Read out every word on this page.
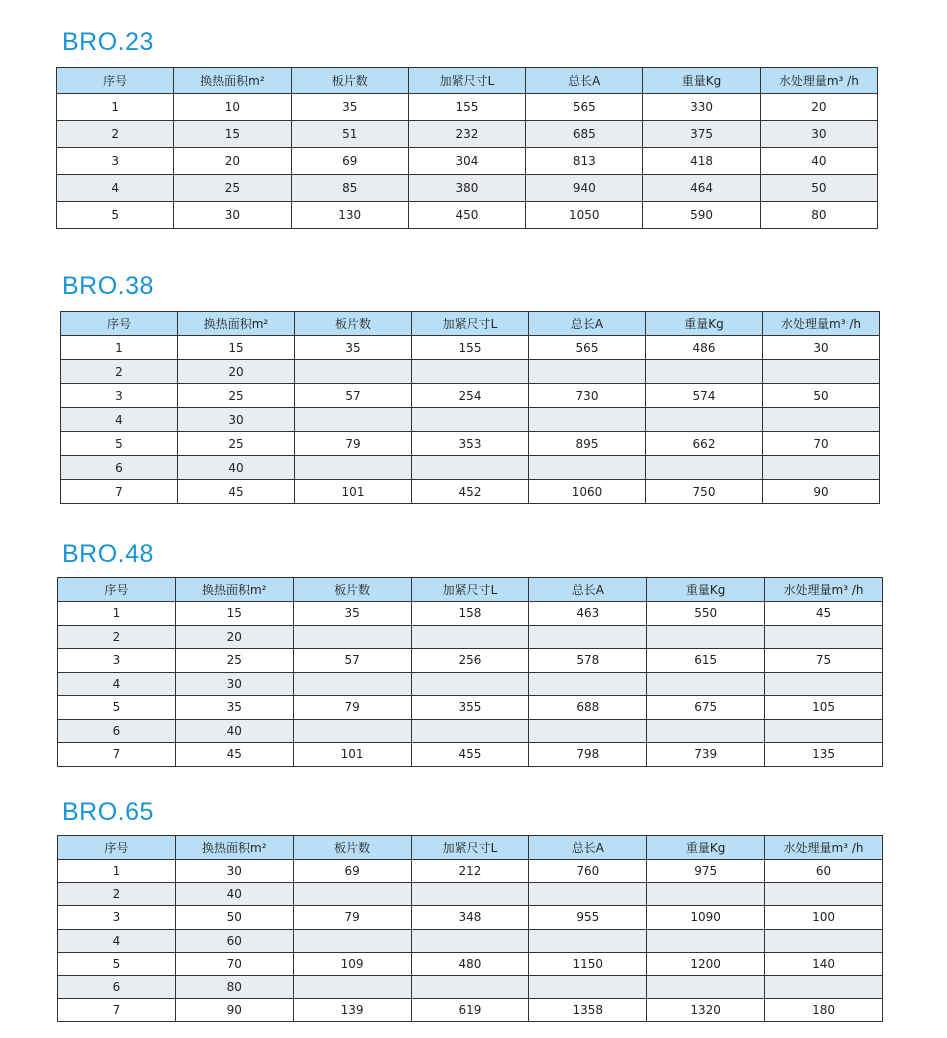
BRO.23
序号	换热面积m²	板片数	加紧尺寸L	总长A	重量Kg	水处理量m³ /h
1	10	35	155	565	330	20
2	15	51	232	685	375	30
3	20	69	304	813	418	40
4	25	85	380	940	464	50
5	30	130	450	1050	590	80
BRO.38
序号	换热面积m²	板片数	加紧尺寸L	总长A	重量Kg	水处理量m³ /h
1	15	35	155	565	486	30
2	20					
3	25	57	254	730	574	50
4	30					
5	25	79	353	895	662	70
6	40					
7	45	101	452	1060	750	90
BRO.48
序号	换热面积m²	板片数	加紧尺寸L	总长A	重量Kg	水处理量m³ /h
1	15	35	158	463	550	45
2	20					
3	25	57	256	578	615	75
4	30					
5	35	79	355	688	675	105
6	40					
7	45	101	455	798	739	135
BRO.65
序号	换热面积m²	板片数	加紧尺寸L	总长A	重量Kg	水处理量m³ /h
1	30	69	212	760	975	60
2	40					
3	50	79	348	955	1090	100
4	60					
5	70	109	480	1150	1200	140
6	80					
7	90	139	619	1358	1320	180
